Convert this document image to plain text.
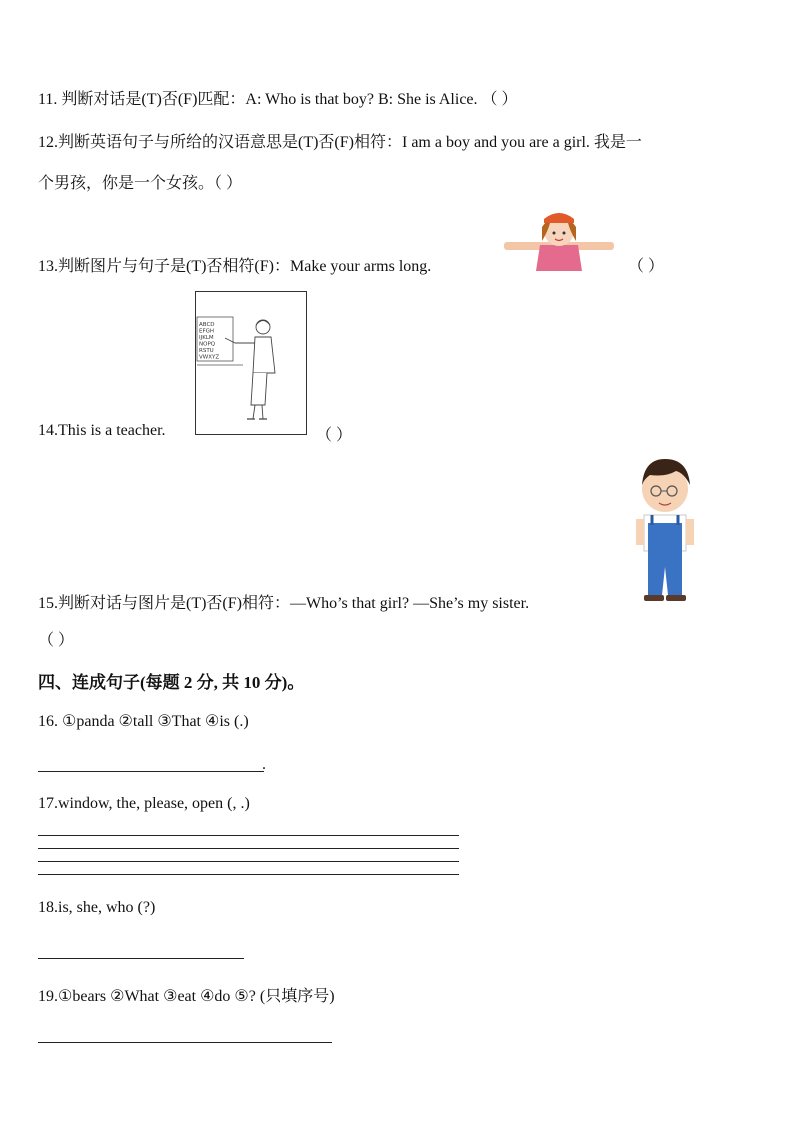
11. 判断对话是(T)否(F)匹配：A: Who is that boy? B: She is Alice. （ ）
12.判断英语句子与所给的汉语意思是(T)否(F)相符：I am a boy and you are a girl. 我是一
个男孩，你是一个女孩。（ ）
13.判断图片与句子是(T)否相符(F)：Make your arms long.	（ ）
14.This is a teacher.
ABCD
EFGH
IJKLM
NOPQ
RSTU
VWXYZ
（ ）
15.判断对话与图片是(T)否(F)相符：—Who’s that girl? —She’s my sister.
（ ）
四、连成句子(每题 2 分, 共 10 分)。
16. ①panda ②tall ③That ④is (.)
.
17.window, the, please, open (, .)
18.is, she, who (?)
19.①bears ②What ③eat ④do ⑤? (只填序号)
